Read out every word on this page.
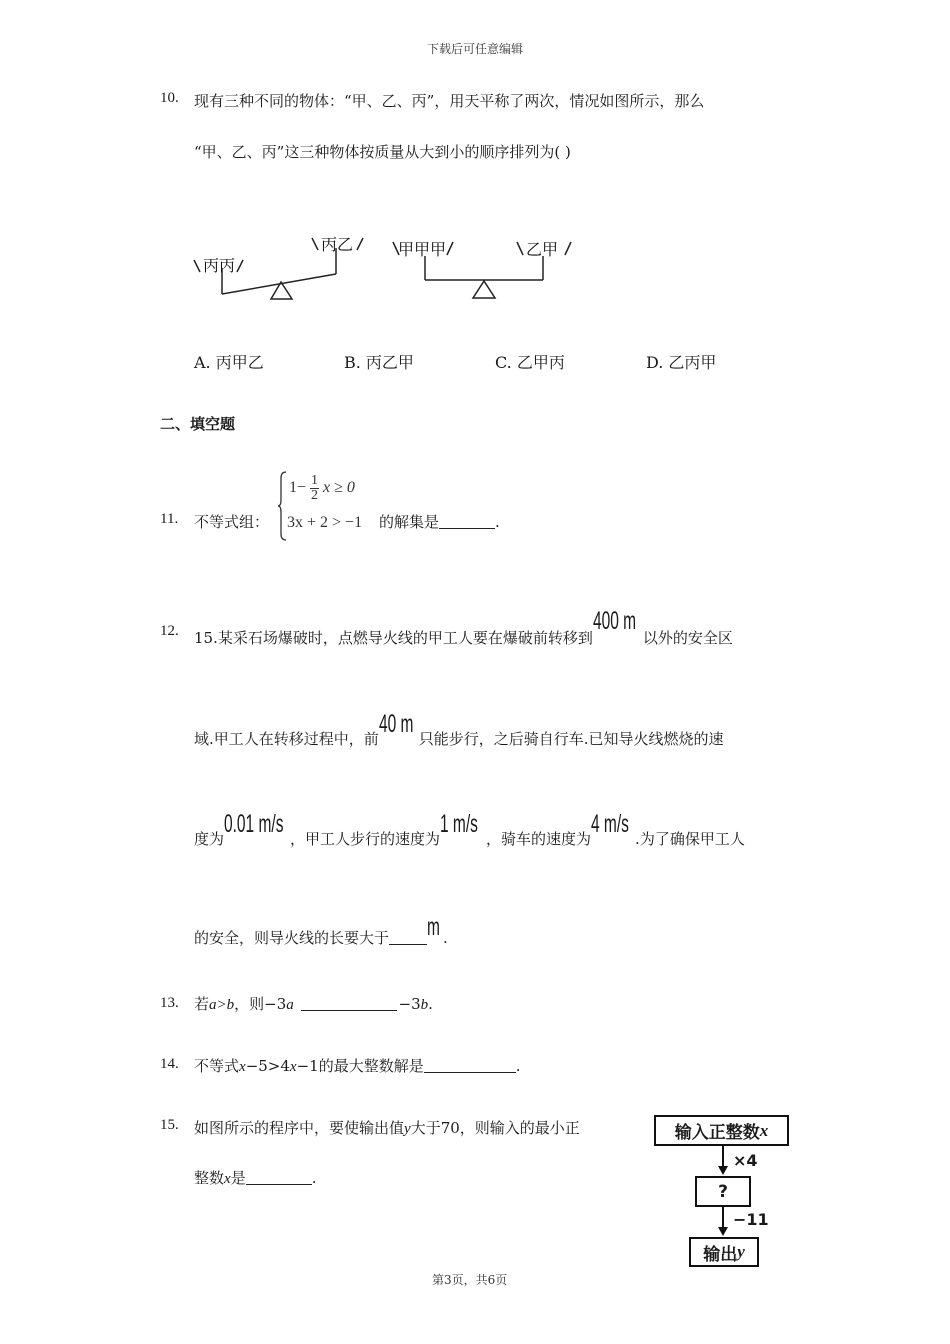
下载后可任意编辑
10. 现有三种不同的物体：“甲、乙、丙”，用天平称了两次，情况如图所示，那么
“甲、乙、丙”这三种物体按质量从大到小的顺序排列为( )
丙丙
丙乙	甲甲甲	乙甲
A. 丙甲乙	B. 丙乙甲	C. 乙甲丙	D. 乙丙甲
二、填空题
11. 不等式组：
$1- \frac{1}{2}$ x ≥ 0
3x + 2 > −1 的解集是	.
12. 15.某采石场爆破时，点燃导火线的甲工人要在爆破前转移到400 m以外的安全区
域.甲工人在转移过程中，前40 m只能步行，之后骑自行车.已知导火线燃烧的速
度为0.01 m/s，甲工人步行的速度为1 m/s，骑车的速度为4 m/s.为了确保甲工人
的安全，则导火线的长要大于 m .
13. 若a>b，则−3a	−3b.
14. 不等式x−5>4x−1的最大整数解是	.
15. 如图所示的程序中，要使输出值y大于70，则输入的最小正
整数x是	.
输入正整数 x
×4
?
−11
输出 y
第3页，共6页
